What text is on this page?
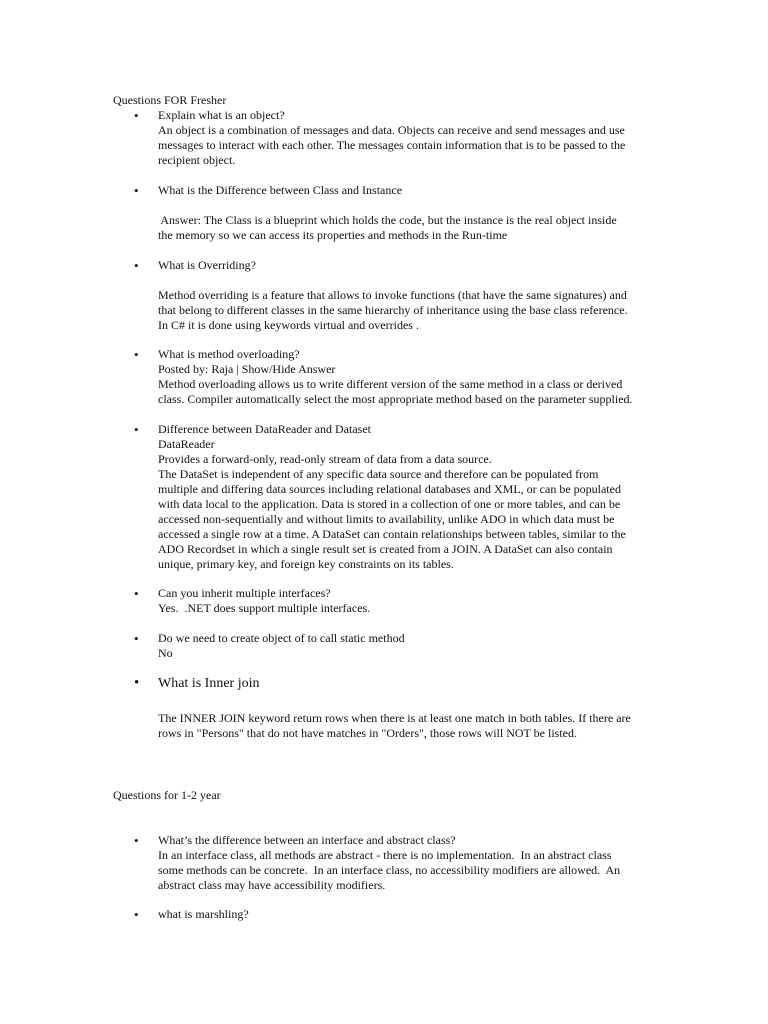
Questions FOR Fresher
• Explain what is an object?
An object is a combination of messages and data. Objects can receive and send messages and use
messages to interact with each other. The messages contain information that is to be passed to the
recipient object.
• What is the Difference between Class and Instance
Answer: The Class is a blueprint which holds the code, but the instance is the real object inside
the memory so we can access its properties and methods in the Run-time
• What is Overriding?
Method overriding is a feature that allows to invoke functions (that have the same signatures) and
that belong to different classes in the same hierarchy of inheritance using the base class reference.
In C# it is done using keywords virtual and overrides .
• What is method overloading?
Posted by: Raja | Show/Hide Answer
Method overloading allows us to write different version of the same method in a class or derived
class. Compiler automatically select the most appropriate method based on the parameter supplied.
• Difference between DataReader and Dataset
DataReader
Provides a forward-only, read-only stream of data from a data source.
The DataSet is independent of any specific data source and therefore can be populated from
multiple and differing data sources including relational databases and XML, or can be populated
with data local to the application. Data is stored in a collection of one or more tables, and can be
accessed non-sequentially and without limits to availability, unlike ADO in which data must be
accessed a single row at a time. A DataSet can contain relationships between tables, similar to the
ADO Recordset in which a single result set is created from a JOIN. A DataSet can also contain
unique, primary key, and foreign key constraints on its tables.
• Can you inherit multiple interfaces?
Yes.  .NET does support multiple interfaces.
• Do we need to create object of to call static method
No
• What is Inner join
The INNER JOIN keyword return rows when there is at least one match in both tables. If there are
rows in "Persons" that do not have matches in "Orders", those rows will NOT be listed.
Questions for 1-2 year
• What’s the difference between an interface and abstract class?
In an interface class, all methods are abstract - there is no implementation.  In an abstract class
some methods can be concrete.  In an interface class, no accessibility modifiers are allowed.  An
abstract class may have accessibility modifiers.
• what is marshling?
